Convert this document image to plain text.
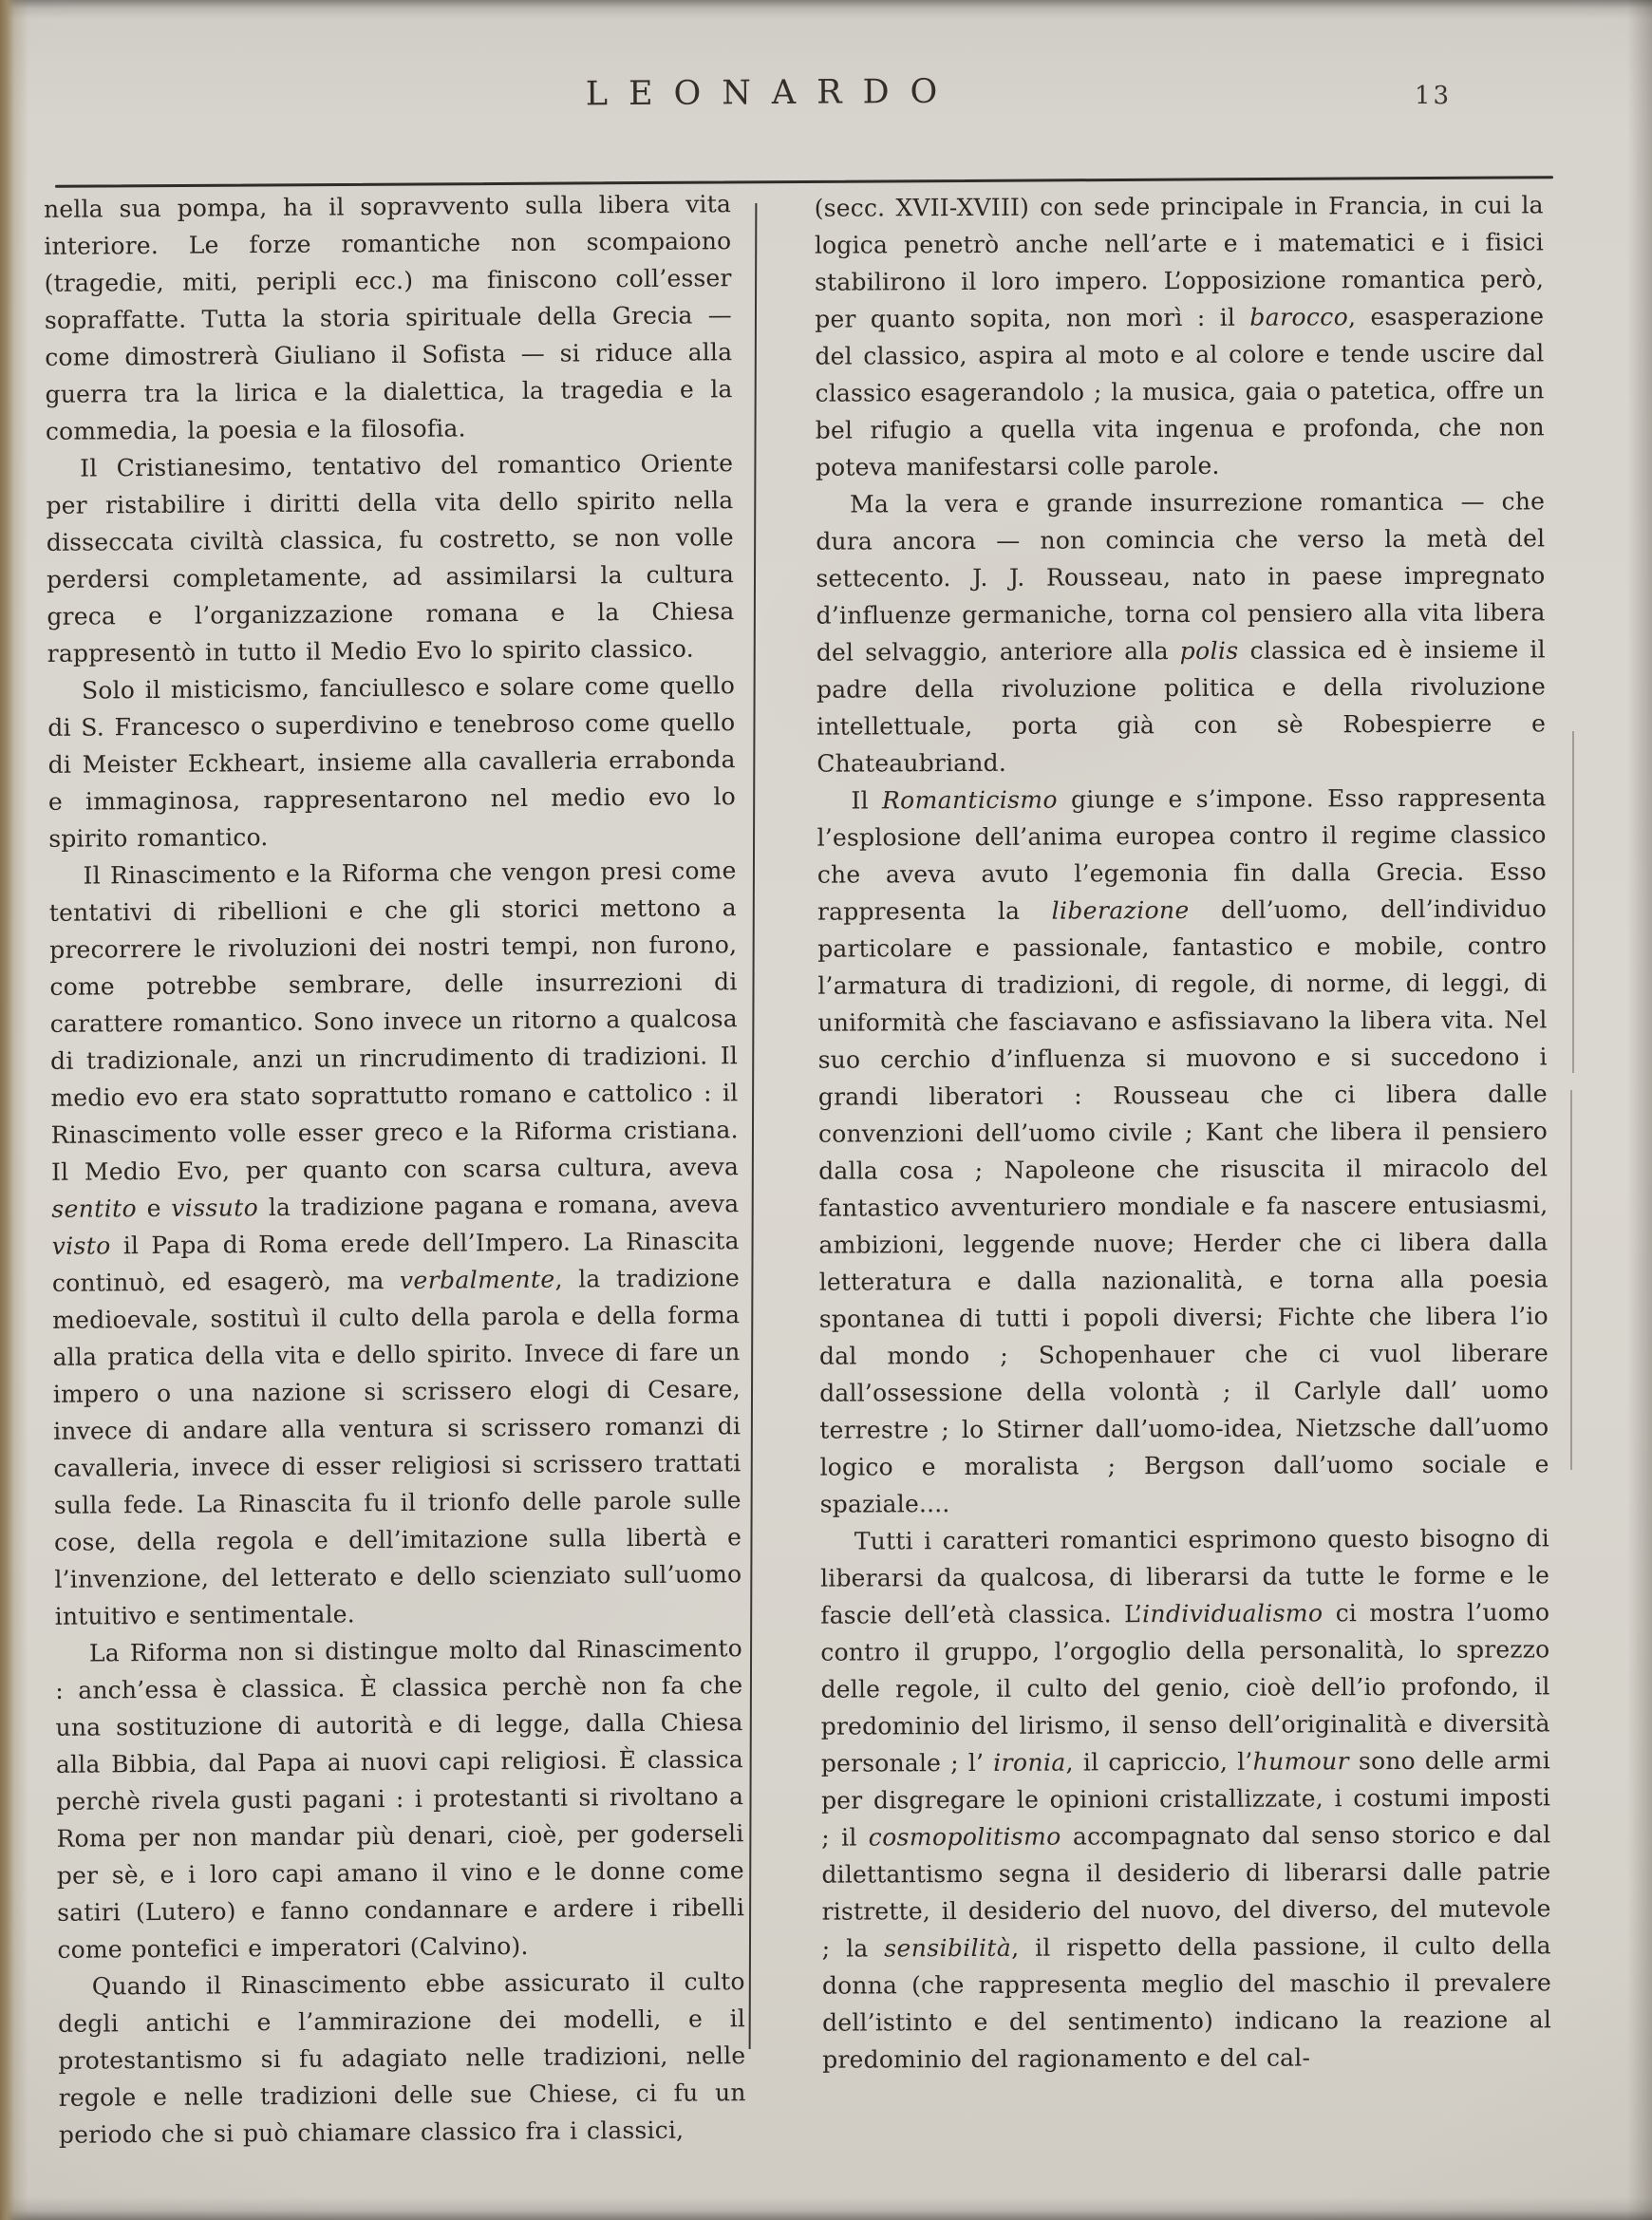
LEONARDO	13

nella sua pompa, ha il sopravvento sulla libera vita interiore. Le forze romantiche non scompaiono (tragedie, miti, peripli ecc.) ma finiscono coll’esser sopraffatte. Tutta la storia spirituale della Grecia — come dimostrerà Giuliano il Sofista — si riduce alla guerra tra la lirica e la dialettica, la tragedia e la commedia, la poesia e la filosofia.

Il Cristianesimo, tentativo del romantico Oriente per ristabilire i diritti della vita dello spirito nella disseccata civiltà classica, fu costretto, se non volle perdersi completamente, ad assimilarsi la cultura greca e l’organizzazione romana e la Chiesa rappresentò in tutto il Medio Evo lo spirito classico.

Solo il misticismo, fanciullesco e solare come quello di S. Francesco o superdivino e tenebroso come quello di Meister Eckheart, insieme alla cavalleria errabonda e immaginosa, rappresentarono nel medio evo lo spirito romantico.

Il Rinascimento e la Riforma che vengon presi come tentativi di ribellioni e che gli storici mettono a precorrere le rivoluzioni dei nostri tempi, non furono, come potrebbe sembrare, delle insurrezioni di carattere romantico. Sono invece un ritorno a qualcosa di tradizionale, anzi un rincrudimento di tradizioni. Il medio evo era stato soprattutto romano e cattolico : il Rinascimento volle esser greco e la Riforma cristiana. Il Medio Evo, per quanto con scarsa cultura, aveva sentito e vissuto la tradizione pagana e romana, aveva visto il Papa di Roma erede dell’Impero. La Rinascita continuò, ed esagerò, ma verbalmente, la tradizione medioevale, sostituì il culto della parola e della forma alla pratica della vita e dello spirito. Invece di fare un impero o una nazione si scrissero elogi di Cesare, invece di andare alla ventura si scrissero romanzi di cavalleria, invece di esser religiosi si scrissero trattati sulla fede. La Rinascita fu il trionfo delle parole sulle cose, della regola e dell’imitazione sulla libertà e l’invenzione, del letterato e dello scienziato sull’uomo intuitivo e sentimentale.

La Riforma non si distingue molto dal Rinascimento : anch’essa è classica. È classica perchè non fa che una sostituzione di autorità e di legge, dalla Chiesa alla Bibbia, dal Papa ai nuovi capi religiosi. È classica perchè rivela gusti pagani : i protestanti si rivoltano a Roma per non mandar più denari, cioè, per goderseli per sè, e i loro capi amano il vino e le donne come satiri (Lutero) e fanno condannare e ardere i ribelli come pontefici e imperatori (Calvino).

Quando il Rinascimento ebbe assicurato il culto degli antichi e l’ammirazione dei modelli, e il protestantismo si fu adagiato nelle tradizioni, nelle regole e nelle tradizioni delle sue Chiese, ci fu un periodo che si può chiamare classico fra i classici,

(secc. XVII-XVIII) con sede principale in Francia, in cui la logica penetrò anche nell’arte e i matematici e i fisici stabilirono il loro impero. L’opposizione romantica però, per quanto sopita, non morì : il barocco, esasperazione del classico, aspira al moto e al colore e tende uscire dal classico esagerandolo ; la musica, gaia o patetica, offre un bel rifugio a quella vita ingenua e profonda, che non poteva manifestarsi colle parole.

Ma la vera e grande insurrezione romantica — che dura ancora — non comincia che verso la metà del settecento. J. J. Rousseau, nato in paese impregnato d’influenze germaniche, torna col pensiero alla vita libera del selvaggio, anteriore alla polis classica ed è insieme il padre della rivoluzione politica e della rivoluzione intellettuale, porta già con sè Robespierre e Chateaubriand.

Il Romanticismo giunge e s’impone. Esso rappresenta l’esplosione dell’anima europea contro il regime classico che aveva avuto l’egemonia fin dalla Grecia. Esso rappresenta la liberazione dell’uomo, dell’individuo particolare e passionale, fantastico e mobile, contro l’armatura di tradizioni, di regole, di norme, di leggi, di uniformità che fasciavano e asfissiavano la libera vita. Nel suo cerchio d’influenza si muovono e si succedono i grandi liberatori : Rousseau che ci libera dalle convenzioni dell’uomo civile ; Kant che libera il pensiero dalla cosa ; Napoleone che risuscita il miracolo del fantastico avventuriero mondiale e fa nascere entusiasmi, ambizioni, leggende nuove; Herder che ci libera dalla letteratura e dalla nazionalità, e torna alla poesia spontanea di tutti i popoli diversi; Fichte che libera l’io dal mondo ; Schopenhauer che ci vuol liberare dall’ossessione della volontà ; il Carlyle dall’ uomo terrestre ; lo Stirner dall’uomo-idea, Nietzsche dall’uomo logico e moralista ; Bergson dall’uomo sociale e spaziale....

Tutti i caratteri romantici esprimono questo bisogno di liberarsi da qualcosa, di liberarsi da tutte le forme e le fascie dell’età classica. L’individualismo ci mostra l’uomo contro il gruppo, l’orgoglio della personalità, lo sprezzo delle regole, il culto del genio, cioè dell’io profondo, il predominio del lirismo, il senso dell’originalità e diversità personale ; l’ ironia, il capriccio, l’humour sono delle armi per disgregare le opinioni cristallizzate, i costumi imposti ; il cosmopolitismo accompagnato dal senso storico e dal dilettantismo segna il desiderio di liberarsi dalle patrie ristrette, il desiderio del nuovo, del diverso, del mutevole ; la sensibilità, il rispetto della passione, il culto della donna (che rappresenta meglio del maschio il prevalere dell’istinto e del sentimento) indicano la reazione al predominio del ragionamento e del cal-
